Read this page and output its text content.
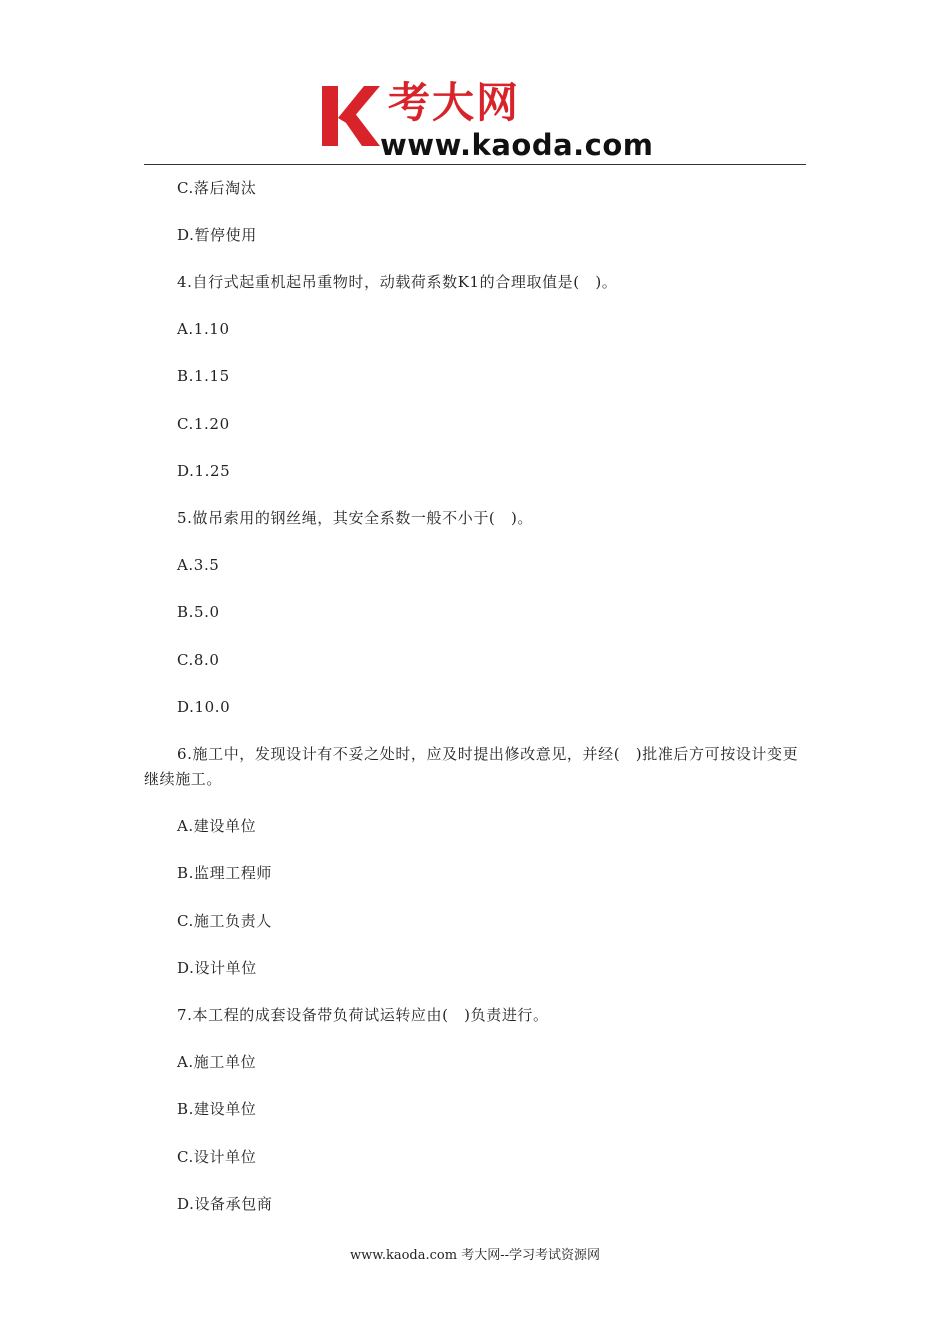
考大网
www.kaoda.com
C.落后淘汰
D.暂停使用
4.自行式起重机起吊重物时，动载荷系数K1的合理取值是(　)。
A.1.10
B.1.15
C.1.20
D.1.25
5.做吊索用的钢丝绳，其安全系数一般不小于(　)。
A.3.5
B.5.0
C.8.0
D.10.0
6.施工中，发现设计有不妥之处时，应及时提出修改意见，并经(　)批准后方可按设计变更继续施工。
A.建设单位
B.监理工程师
C.施工负责人
D.设计单位
7.本工程的成套设备带负荷试运转应由(　)负责进行。
A.施工单位
B.建设单位
C.设计单位
D.设备承包商
www.kaoda.com 考大网--学习考试资源网
